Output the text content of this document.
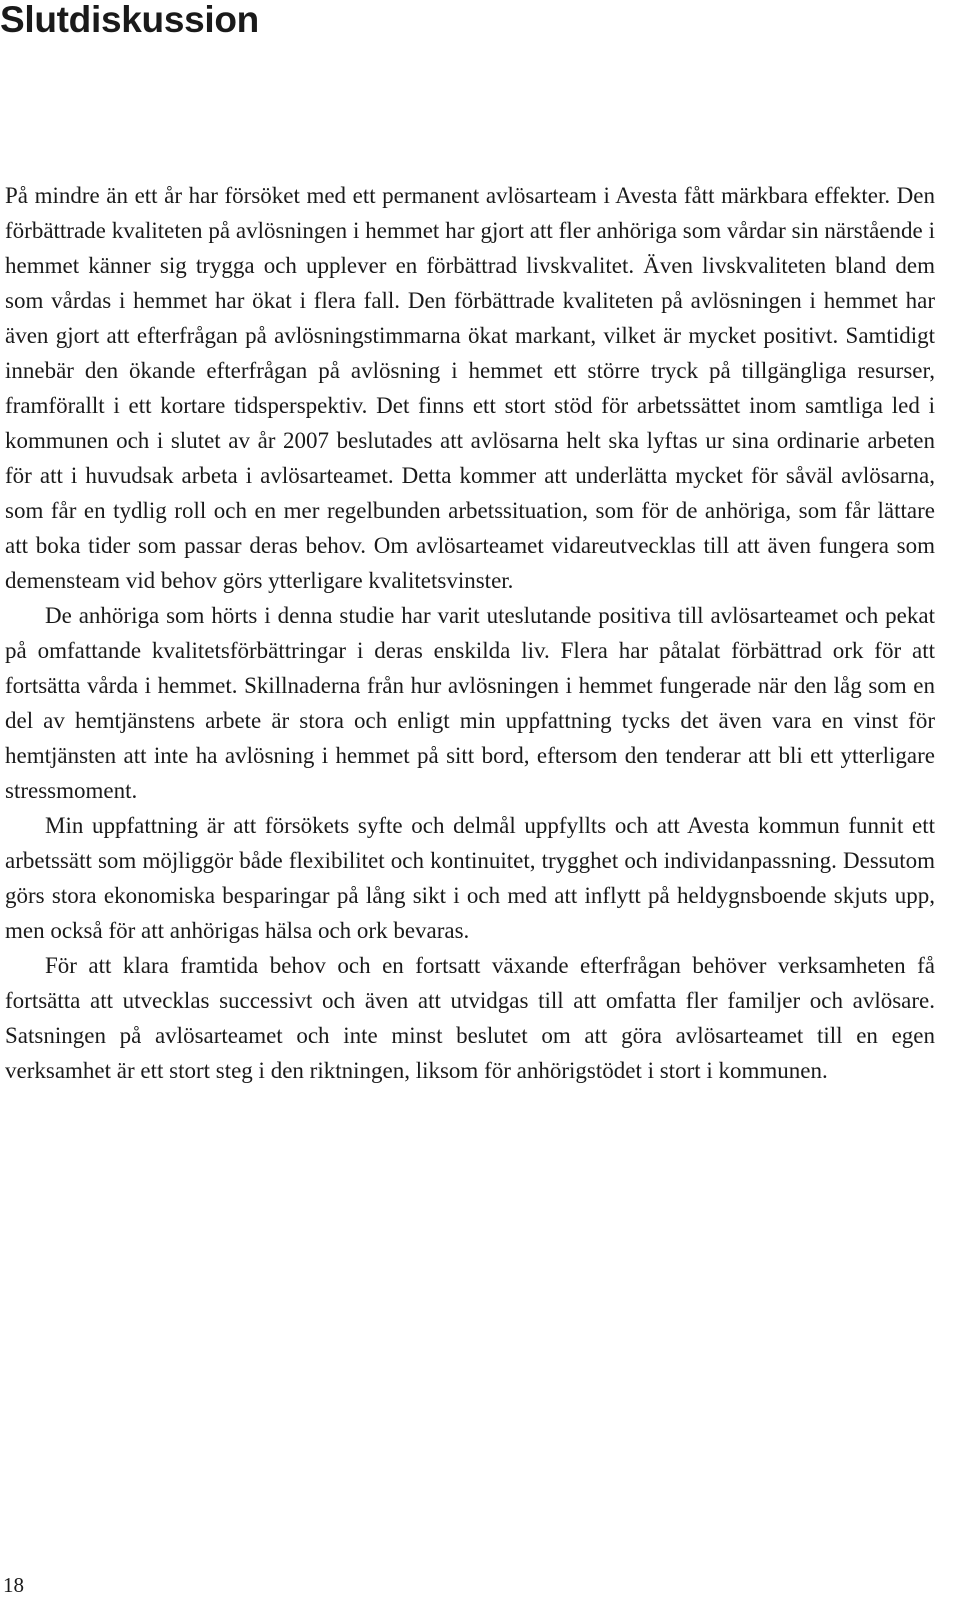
Slutdiskussion

På mindre än ett år har försöket med ett permanent avlösarteam i Avesta fått märkbara effekter. Den förbättrade kvaliteten på avlösningen i hemmet har gjort att fler anhöriga som vårdar sin närstående i hemmet känner sig trygga och upplever en förbättrad livskvalitet. Även livskvaliteten bland dem som vårdas i hemmet har ökat i flera fall. Den förbättrade kvaliteten på avlösningen i hemmet har även gjort att efterfrågan på avlösningstimmarna ökat markant, vilket är mycket positivt. Samtidigt innebär den ökande efterfrågan på avlösning i hemmet ett större tryck på tillgängliga resurser, framförallt i ett kortare tidsperspektiv. Det finns ett stort stöd för arbetssättet inom samtliga led i kommunen och i slutet av år 2007 beslutades att avlösarna helt ska lyftas ur sina ordinarie arbeten för att i huvudsak arbeta i avlösarteamet. Detta kommer att underlätta mycket för såväl avlösarna, som får en tydlig roll och en mer regelbunden arbetssituation, som för de anhöriga, som får lättare att boka tider som passar deras behov. Om avlösarteamet vidareutvecklas till att även fungera som demensteam vid behov görs ytterligare kvalitetsvinster.

De anhöriga som hörts i denna studie har varit uteslutande positiva till avlösarteamet och pekat på omfattande kvalitetsförbättringar i deras enskilda liv. Flera har påtalat förbättrad ork för att fortsätta vårda i hemmet. Skillnaderna från hur avlösningen i hemmet fungerade när den låg som en del av hemtjänstens arbete är stora och enligt min uppfattning tycks det även vara en vinst för hemtjänsten att inte ha avlösning i hemmet på sitt bord, eftersom den tenderar att bli ett ytterligare stressmoment.

Min uppfattning är att försökets syfte och delmål uppfyllts och att Avesta kommun funnit ett arbetssätt som möjliggör både flexibilitet och kontinuitet, trygghet och individanpassning. Dessutom görs stora ekonomiska besparingar på lång sikt i och med att inflytt på heldygnsboende skjuts upp, men också för att anhörigas hälsa och ork bevaras.

För att klara framtida behov och en fortsatt växande efterfrågan behöver verksamheten få fortsätta att utvecklas successivt och även att utvidgas till att omfatta fler familjer och avlösare. Satsningen på avlösarteamet och inte minst beslutet om att göra avlösarteamet till en egen verksamhet är ett stort steg i den riktningen, liksom för anhörigstödet i stort i kommunen.

18
